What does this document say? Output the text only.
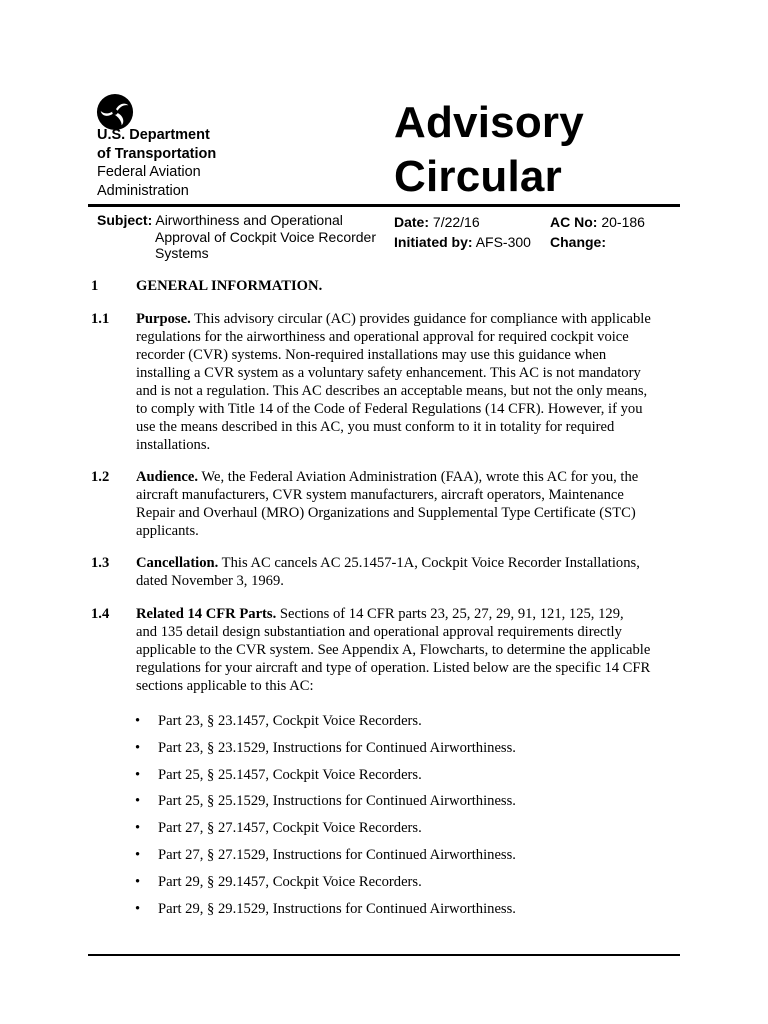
U.S. Department
of Transportation
Federal Aviation
Administration
Advisory
Circular
Subject: Airworthiness and Operational
Approval of Cockpit Voice Recorder
Systems
Date: 7/22/16
Initiated by: AFS-300
AC No: 20-186
Change:
1	GENERAL INFORMATION.
1.1 Purpose. This advisory circular (AC) provides guidance for compliance with applicable
regulations for the airworthiness and operational approval for required cockpit voice
recorder (CVR) systems. Non-required installations may use this guidance when
installing a CVR system as a voluntary safety enhancement. This AC is not mandatory
and is not a regulation. This AC describes an acceptable means, but not the only means,
to comply with Title 14 of the Code of Federal Regulations (14 CFR). However, if you
use the means described in this AC, you must conform to it in totality for required
installations.
1.2 Audience. We, the Federal Aviation Administration (FAA), wrote this AC for you, the
aircraft manufacturers, CVR system manufacturers, aircraft operators, Maintenance
Repair and Overhaul (MRO) Organizations and Supplemental Type Certificate (STC)
applicants.
1.3 Cancellation. This AC cancels AC 25.1457-1A, Cockpit Voice Recorder Installations,
dated November 3, 1969.
1.4 Related 14 CFR Parts. Sections of 14 CFR parts 23, 25, 27, 29, 91, 121, 125, 129,
and 135 detail design substantiation and operational approval requirements directly
applicable to the CVR system. See Appendix A, Flowcharts, to determine the applicable
regulations for your aircraft and type of operation. Listed below are the specific 14 CFR
sections applicable to this AC:
• Part 23, § 23.1457, Cockpit Voice Recorders.
• Part 23, § 23.1529, Instructions for Continued Airworthiness.
• Part 25, § 25.1457, Cockpit Voice Recorders.
• Part 25, § 25.1529, Instructions for Continued Airworthiness.
• Part 27, § 27.1457, Cockpit Voice Recorders.
• Part 27, § 27.1529, Instructions for Continued Airworthiness.
• Part 29, § 29.1457, Cockpit Voice Recorders.
• Part 29, § 29.1529, Instructions for Continued Airworthiness.
